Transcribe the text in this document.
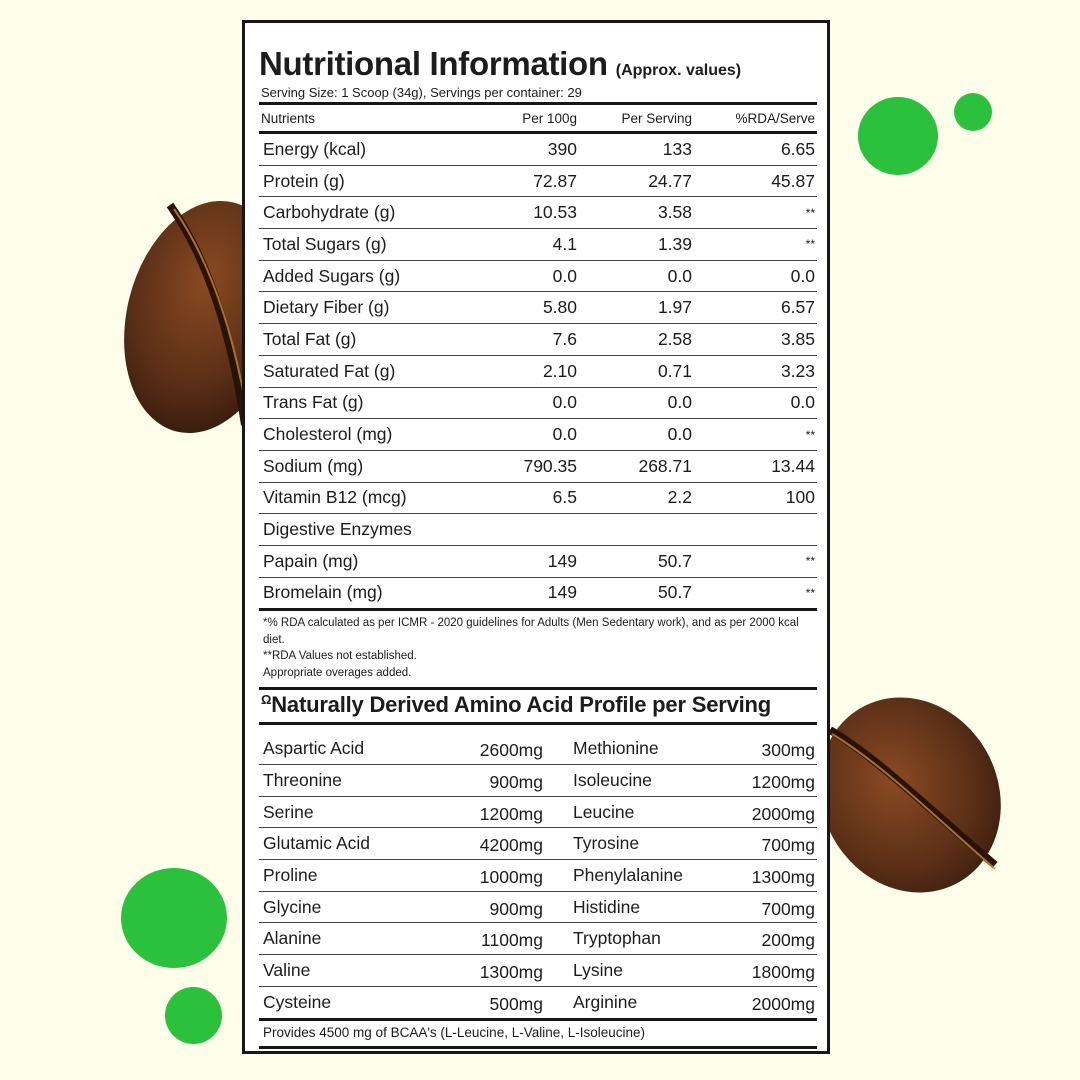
Nutritional Information (Approx. values)
Serving Size: 1 Scoop (34g), Servings per container: 29
Nutrients	Per 100g	Per Serving	%RDA/Serve
Energy (kcal)	390	133	6.65
Protein (g)	72.87	24.77	45.87
Carbohydrate (g)	10.53	3.58	**
Total Sugars (g)	4.1	1.39	**
Added Sugars (g)	0.0	0.0	0.0
Dietary Fiber (g)	5.80	1.97	6.57
Total Fat (g)	7.6	2.58	3.85
Saturated Fat (g)	2.10	0.71	3.23
Trans Fat (g)	0.0	0.0	0.0
Cholesterol (mg)	0.0	0.0	**
Sodium (mg)	790.35	268.71	13.44
Vitamin B12 (mcg)	6.5	2.2	100
Digestive Enzymes
Papain (mg)	149	50.7	**
Bromelain (mg)	149	50.7	**
*% RDA calculated as per ICMR - 2020 guidelines for Adults (Men Sedentary work), and as per 2000 kcal diet.
**RDA Values not established.
Appropriate overages added.
$^\Omega$Naturally Derived Amino Acid Profile per Serving
Aspartic Acid	2600mg Methionine	300mg
Threonine	900mg Isoleucine	1200mg
Serine	1200mg Leucine	2000mg
Glutamic Acid	4200mg Tyrosine	700mg
Proline	1000mg Phenylalanine	1300mg
Glycine	900mg Histidine	700mg
Alanine	1100mg Tryptophan	200mg
Valine	1300mg Lysine	1800mg
Cysteine	500mg Arginine	2000mg
Provides 4500 mg of BCAA's (L-Leucine, L-Valine, L-Isoleucine)
